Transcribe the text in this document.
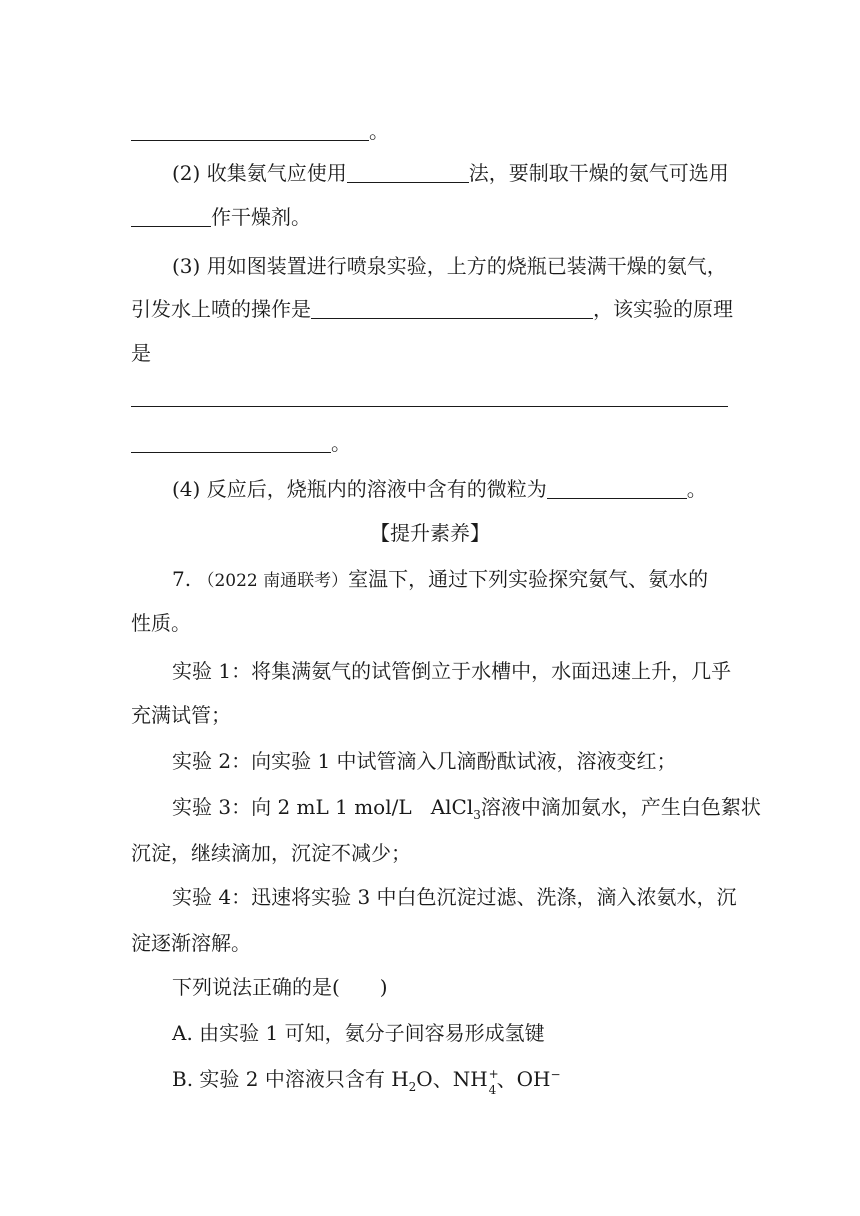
。
(2) 收集氨气应使用	法，要制取干燥的氨气可选用
作干燥剂。
(3) 用如图装置进行喷泉实验，上方的烧瓶已装满干燥的氨气，
引发水上喷的操作是	，该实验的原理
是
。
(4) 反应后，烧瓶内的溶液中含有的微粒为	。
【提升素养】
7. （2022 南通联考）室温下，通过下列实验探究氨气、氨水的
性质。
实验 1：将集满氨气的试管倒立于水槽中，水面迅速上升，几乎
充满试管；
实验 2：向实验 1 中试管滴入几滴酚酞试液，溶液变红；
实验 3：向 2 mL 1 mol/L AlCl$_3$溶液中滴加氨水，产生白色絮状
沉淀，继续滴加，沉淀不减少；
实验 4：迅速将实验 3 中白色沉淀过滤、洗涤，滴入浓氨水，沉
淀逐渐溶解。
下列说法正确的是(　　)
A. 由实验 1 可知，氨分子间容易形成氢键
B. 实验 2 中溶液只含有 $H_2O$、NH +
4 、OH−
